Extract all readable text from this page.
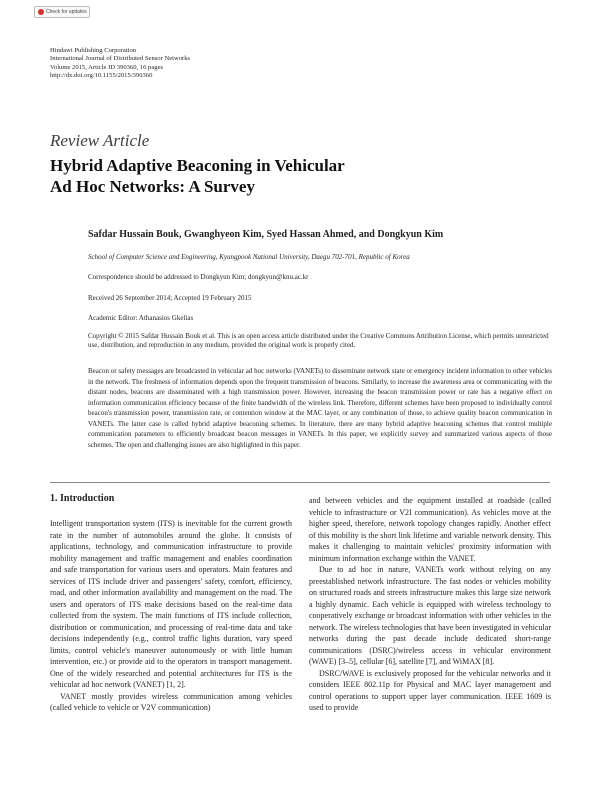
Check for updates
Hindawi Publishing Corporation
International Journal of Distributed Sensor Networks
Volume 2015, Article ID 390360, 16 pages
http://dx.doi.org/10.1155/2015/390360
Review Article
Hybrid Adaptive Beaconing in Vehicular
Ad Hoc Networks: A Survey
Safdar Hussain Bouk, Gwanghyeon Kim, Syed Hassan Ahmed, and Dongkyun Kim
School of Computer Science and Engineering, Kyungpook National University, Daegu 702-701, Republic of Korea
Correspondence should be addressed to Dongkyun Kim; dongkyun@knu.ac.kr
Received 26 September 2014; Accepted 19 February 2015
Academic Editor: Athanasios Gkelias
Copyright © 2015 Safdar Hussain Bouk et al. This is an open access article distributed under the Creative Commons Attribution License, which permits unrestricted use, distribution, and reproduction in any medium, provided the original work is properly cited.
Beacon or safety messages are broadcasted in vehicular ad hoc networks (VANETs) to disseminate network state or emergency incident information to other vehicles in the network. The freshness of information depends upon the frequent transmission of beacons. Similarly, to increase the awareness area or communicating with the distant nodes, beacons are disseminated with a high transmission power. However, increasing the beacon transmission power or rate has a negative effect on information communication efficiency because of the finite bandwidth of the wireless link. Therefore, different schemes have been proposed to individually control beacon's transmission power, transmission rate, or contention window at the MAC layer, or any combination of those, to achieve quality beacon communication in VANETs. The latter case is called hybrid adaptive beaconing schemes. In literature, there are many hybrid adaptive beaconing schemes that control multiple communication parameters to efficiently broadcast beacon messages in VANETs. In this paper, we explicitly survey and summarized various aspects of those schemes. The open and challenging issues are also highlighted in this paper.
1. Introduction

Intelligent transportation system (ITS) is inevitable for the current growth rate in the number of automobiles around the globe. It consists of applications, technology, and communication infrastructure to provide mobility management and traffic management and enables coordination and safe transportation for various users and operators. Main features and services of ITS include driver and passengers' safety, comfort, efficiency, road, and other information availability and management on the road. The users and operators of ITS make decisions based on the real-time data collected from the system. The main functions of ITS include collection, distribution or communication, and processing of real-time data and take decisions independently (e.g., control traffic lights duration, vary speed limits, control vehicle's maneuver autonomously or with little human intervention, etc.) or provide aid to the operators in transport management. One of the widely researched and potential architectures for ITS is the vehicular ad hoc network (VANET) [1, 2].

VANET mostly provides wireless communication among vehicles (called vehicle to vehicle or V2V communication)

and between vehicles and the equipment installed at roadside (called vehicle to infrastructure or V2I communication). As vehicles move at the higher speed, therefore, network topology changes rapidly. Another effect of this mobility is the short link lifetime and variable network density. This makes it challenging to maintain vehicles' proximity information with minimum information exchange within the VANET.

Due to ad hoc in nature, VANETs work without relying on any preestablished network infrastructure. The fast nodes or vehicles mobility on structured roads and streets infrastructure makes this large size network a highly dynamic. Each vehicle is equipped with wireless technology to cooperatively exchange or broadcast information with other vehicles in the network. The wireless technologies that have been investigated in vehicular networks during the past decade include dedicated short-range communications (DSRC)/wireless access in vehicular environment (WAVE) [3–5], cellular [6], satellite [7], and WiMAX [8].

DSRC/WAVE is exclusively proposed for the vehicular networks and it considers IEEE 802.11p for Physical and MAC layer management and control operations to support upper layer communication. IEEE 1609 is used to provide
